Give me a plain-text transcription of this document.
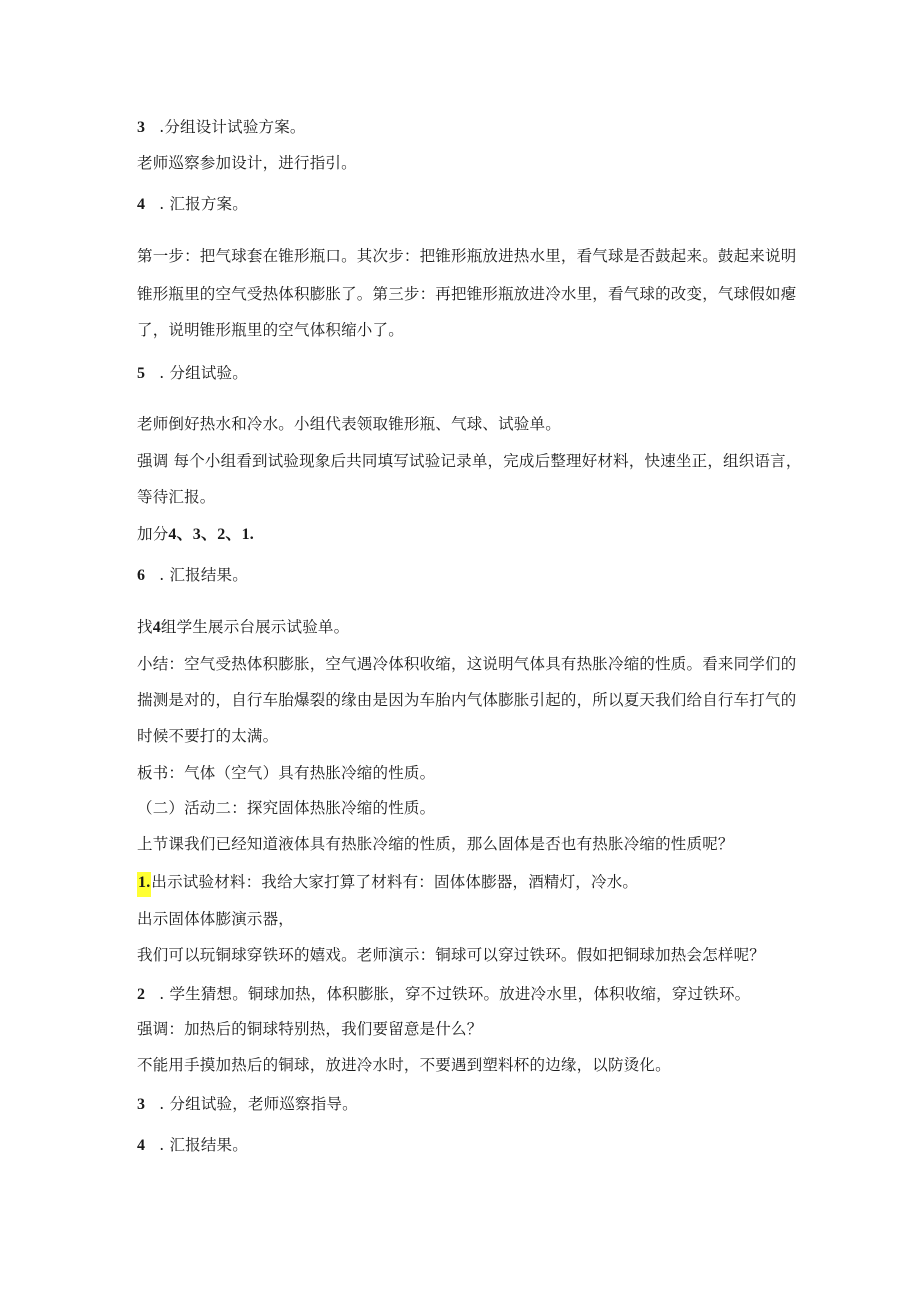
3 .分组设计试验方案。
老师巡察参加设计，进行指引。
4 . 汇报方案。
第一步：把气球套在锥形瓶口。其次步：把锥形瓶放进热水里，看气球是否鼓起来。鼓起来说明
锥形瓶里的空气受热体积膨胀了。第三步：再把锥形瓶放进冷水里，看气球的改变，气球假如瘪
了，说明锥形瓶里的空气体积缩小了。
5 . 分组试验。
老师倒好热水和冷水。小组代表领取锥形瓶、气球、试验单。
强调 每个小组看到试验现象后共同填写试验记录单，完成后整理好材料，快速坐正，组织语言，
等待汇报。
加分4、3、2、1.
6 . 汇报结果。
找4组学生展示台展示试验单。
小结：空气受热体积膨胀，空气遇冷体积收缩，这说明气体具有热胀冷缩的性质。看来同学们的
揣测是对的，自行车胎爆裂的缘由是因为车胎内气体膨胀引起的，所以夏天我们给自行车打气的
时候不要打的太满。
板书：气体（空气）具有热胀冷缩的性质。
（二）活动二：探究固体热胀冷缩的性质。
上节课我们已经知道液体具有热胀冷缩的性质，那么固体是否也有热胀冷缩的性质呢？
1.出示试验材料：我给大家打算了材料有：固体体膨器，酒精灯，冷水。
出示固体体膨演示器，
我们可以玩铜球穿铁环的嬉戏。老师演示：铜球可以穿过铁环。假如把铜球加热会怎样呢？
2 . 学生猜想。铜球加热，体积膨胀，穿不过铁环。放进冷水里，体积收缩，穿过铁环。
强调：加热后的铜球特别热，我们要留意是什么？
不能用手摸加热后的铜球，放进冷水时，不要遇到塑料杯的边缘，以防烫化。
3 . 分组试验，老师巡察指导。
4 . 汇报结果。
